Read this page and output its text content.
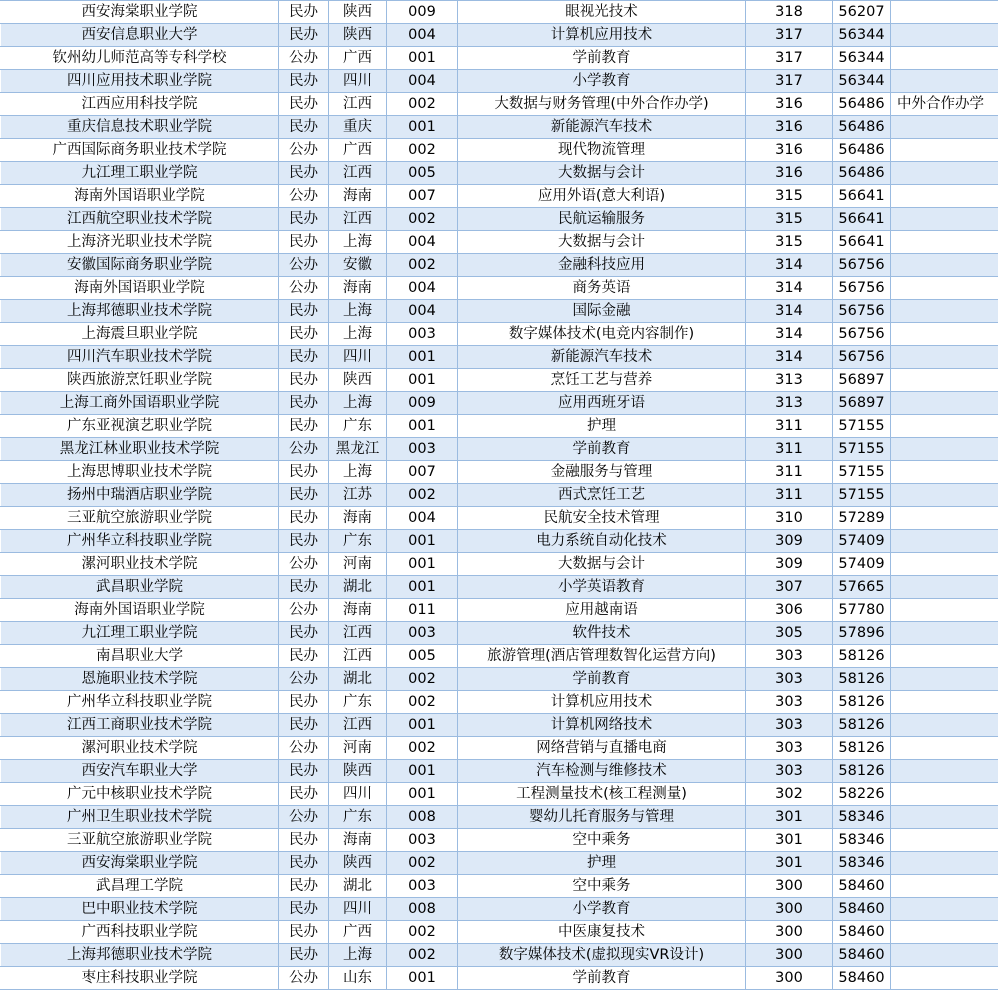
西安海棠职业学院	民办	陕西	009	眼视光技术	318	56207	
西安信息职业大学	民办	陕西	004	计算机应用技术	317	56344	
钦州幼儿师范高等专科学校	公办	广西	001	学前教育	317	56344	
四川应用技术职业学院	民办	四川	004	小学教育	317	56344	
江西应用科技学院	民办	江西	002	大数据与财务管理(中外合作办学)	316	56486	中外合作办学
重庆信息技术职业学院	民办	重庆	001	新能源汽车技术	316	56486	
广西国际商务职业技术学院	公办	广西	002	现代物流管理	316	56486	
九江理工职业学院	民办	江西	005	大数据与会计	316	56486	
海南外国语职业学院	公办	海南	007	应用外语(意大利语)	315	56641	
江西航空职业技术学院	民办	江西	002	民航运输服务	315	56641	
上海济光职业技术学院	民办	上海	004	大数据与会计	315	56641	
安徽国际商务职业学院	公办	安徽	002	金融科技应用	314	56756	
海南外国语职业学院	公办	海南	004	商务英语	314	56756	
上海邦德职业技术学院	民办	上海	004	国际金融	314	56756	
上海震旦职业学院	民办	上海	003	数字媒体技术(电竞内容制作)	314	56756	
四川汽车职业技术学院	民办	四川	001	新能源汽车技术	314	56756	
陕西旅游烹饪职业学院	民办	陕西	001	烹饪工艺与营养	313	56897	
上海工商外国语职业学院	民办	上海	009	应用西班牙语	313	56897	
广东亚视演艺职业学院	民办	广东	001	护理	311	57155	
黑龙江林业职业技术学院	公办	黑龙江	003	学前教育	311	57155	
上海思博职业技术学院	民办	上海	007	金融服务与管理	311	57155	
扬州中瑞酒店职业学院	民办	江苏	002	西式烹饪工艺	311	57155	
三亚航空旅游职业学院	民办	海南	004	民航安全技术管理	310	57289	
广州华立科技职业学院	民办	广东	001	电力系统自动化技术	309	57409	
漯河职业技术学院	公办	河南	001	大数据与会计	309	57409	
武昌职业学院	民办	湖北	001	小学英语教育	307	57665	
海南外国语职业学院	公办	海南	011	应用越南语	306	57780	
九江理工职业学院	民办	江西	003	软件技术	305	57896	
南昌职业大学	民办	江西	005	旅游管理(酒店管理数智化运营方向)	303	58126	
恩施职业技术学院	公办	湖北	002	学前教育	303	58126	
广州华立科技职业学院	民办	广东	002	计算机应用技术	303	58126	
江西工商职业技术学院	民办	江西	001	计算机网络技术	303	58126	
漯河职业技术学院	公办	河南	002	网络营销与直播电商	303	58126	
西安汽车职业大学	民办	陕西	001	汽车检测与维修技术	303	58126	
广元中核职业技术学院	民办	四川	001	工程测量技术(核工程测量)	302	58226	
广州卫生职业技术学院	公办	广东	008	婴幼儿托育服务与管理	301	58346	
三亚航空旅游职业学院	民办	海南	003	空中乘务	301	58346	
西安海棠职业学院	民办	陕西	002	护理	301	58346	
武昌理工学院	民办	湖北	003	空中乘务	300	58460	
巴中职业技术学院	民办	四川	008	小学教育	300	58460	
广西科技职业学院	民办	广西	002	中医康复技术	300	58460	
上海邦德职业技术学院	民办	上海	002	数字媒体技术(虚拟现实VR设计)	300	58460	
枣庄科技职业学院	公办	山东	001	学前教育	300	58460	
